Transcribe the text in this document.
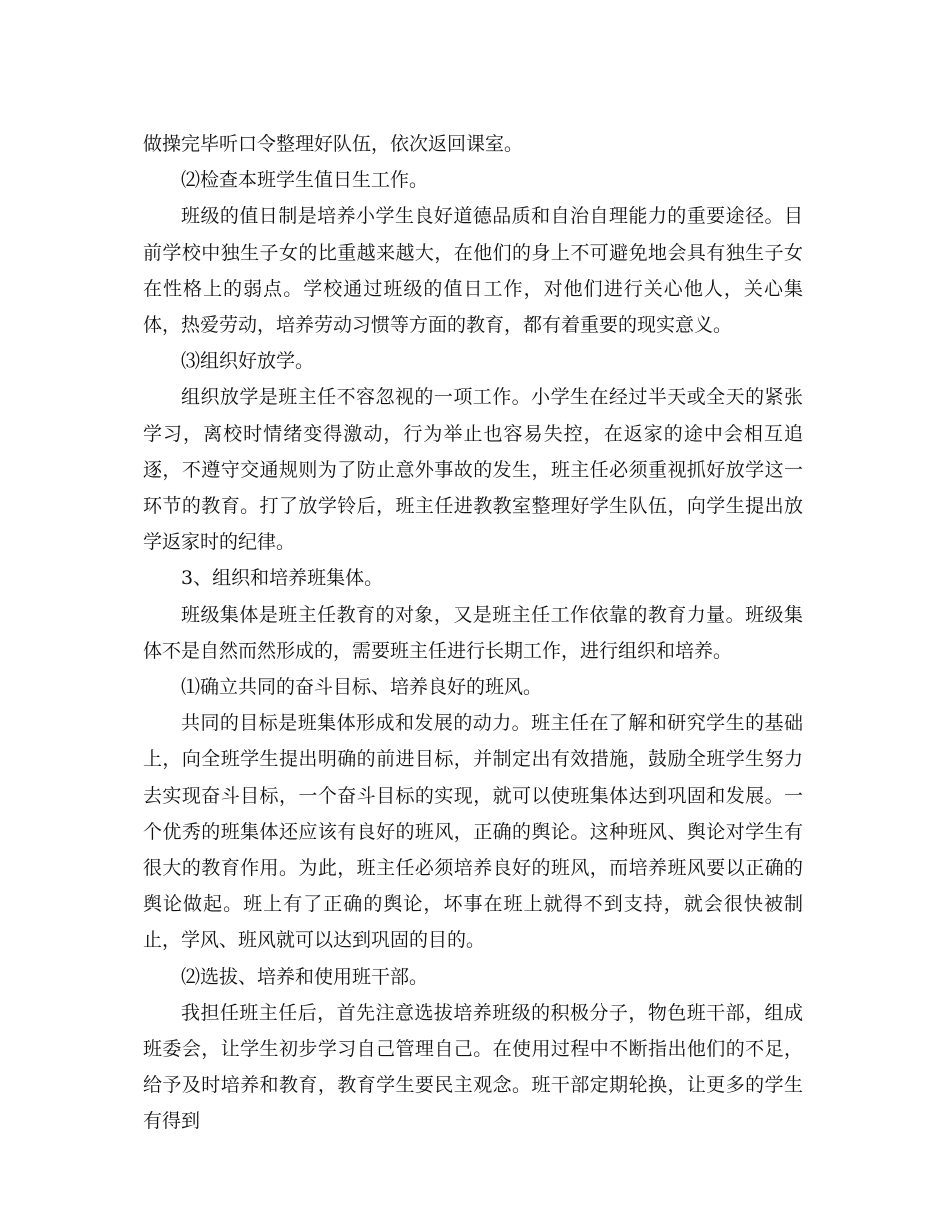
做操完毕听口令整理好队伍，依次返回课室。

⑵检查本班学生值日生工作。

班级的值日制是培养小学生良好道德品质和自治自理能力的重要途径。目前学校中独生子女的比重越来越大，在他们的身上不可避免地会具有独生子女在性格上的弱点。学校通过班级的值日工作，对他们进行关心他人，关心集体，热爱劳动，培养劳动习惯等方面的教育，都有着重要的现实意义。

⑶组织好放学。

组织放学是班主任不容忽视的一项工作。小学生在经过半天或全天的紧张学习，离校时情绪变得激动，行为举止也容易失控，在返家的途中会相互追逐，不遵守交通规则为了防止意外事故的发生，班主任必须重视抓好放学这一环节的教育。打了放学铃后，班主任进教教室整理好学生队伍，向学生提出放学返家时的纪律。

3、组织和培养班集体。

班级集体是班主任教育的对象，又是班主任工作依靠的教育力量。班级集体不是自然而然形成的，需要班主任进行长期工作，进行组织和培养。

⑴确立共同的奋斗目标、培养良好的班风。

共同的目标是班集体形成和发展的动力。班主任在了解和研究学生的基础上，向全班学生提出明确的前进目标，并制定出有效措施，鼓励全班学生努力去实现奋斗目标，一个奋斗目标的实现，就可以使班集体达到巩固和发展。一个优秀的班集体还应该有良好的班风，正确的舆论。这种班风、舆论对学生有很大的教育作用。为此，班主任必须培养良好的班风，而培养班风要以正确的舆论做起。班上有了正确的舆论，坏事在班上就得不到支持，就会很快被制止，学风、班风就可以达到巩固的目的。

⑵选拔、培养和使用班干部。

我担任班主任后，首先注意选拔培养班级的积极分子，物色班干部，组成班委会，让学生初步学习自己管理自己。在使用过程中不断指出他们的不足，给予及时培养和教育，教育学生要民主观念。班干部定期轮换，让更多的学生有得到
